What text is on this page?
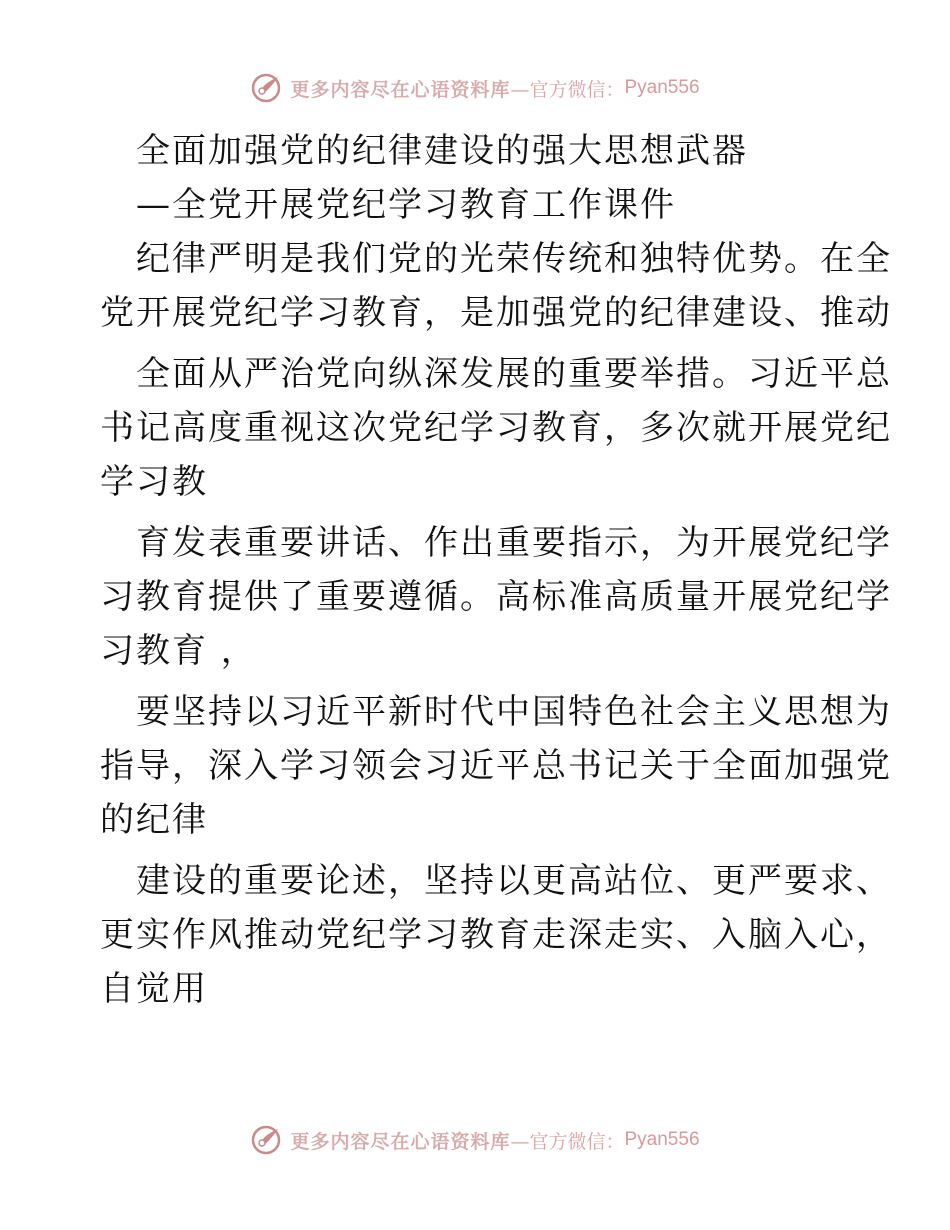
更多内容尽在心语资料库 —官方微信： Pyan556
全面加强党的纪律建设的强大思想武器
—全党开展党纪学习教育工作课件
纪律严明是我们党的光荣传统和独特优势。在全
党开展党纪学习教育，是加强党的纪律建设、推动
全面从严治党向纵深发展的重要举措。习近平总
书记高度重视这次党纪学习教育，多次就开展党纪
学习教
育发表重要讲话、作出重要指示，为开展党纪学
习教育提供了重要遵循。高标准高质量开展党纪学
习教育 ，
要坚持以习近平新时代中国特色社会主义思想为
指导，深入学习领会习近平总书记关于全面加强党
的纪律
建设的重要论述，坚持以更高站位、更严要求、
更实作风推动党纪学习教育走深走实、入脑入心，
自觉用
更多内容尽在心语资料库 —官方微信： Pyan556
